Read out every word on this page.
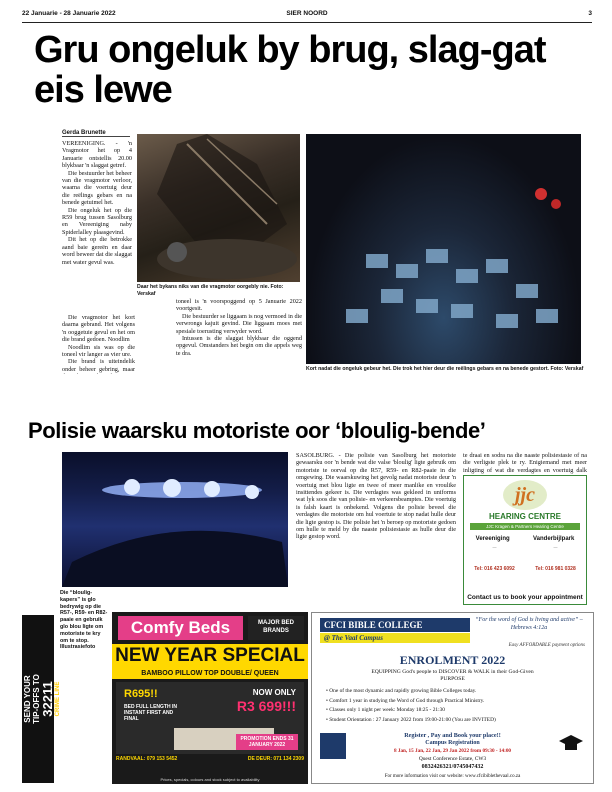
22 Januarie - 28 Januarie 2022	SIER NOORD	3
Gru ongeluk by brug, slag-gat eis lewe
Gerda Brunette

VEREENIGING. - 'n Vragmotor het op 4 Januarie ontstellis 20.00 blykbaar 'n slaggat getref.

Die bestuurder het beheer van die vragmotor verloor, waarna die voertuig deur die reëlings gebars en na benede getuimel het.

Die ongeluk het op die R59 brug tussen Sasolburg en Vereeniging naby Spiderlalley plaasgevind.

Dit het op die betrokke aand baie gereën en daar word beweer dat die slaggat met water gevul was.

Die vragmotor het kort daarna gebrand. Het volgens 'n ooggetuie gevul en het om die brand gedoen. Noodlim

Noodlim sis was op die toneel vir langer as vier ure.

Die brand is uiteindelik onder beheer gebring, maar

Daar het bykans niks van die vragmotor oorgebly nie. Foto: Verskaf

toneel is 'n voorspoggend op 5 Januarie 2022 voortgesit.

Die bestuurder se liggaam is nog vermoed in die verwrongs kajuit gevind. Die liggaam moes met spesiale toerusting verwyder word.

Intussen is die slaggat blykbaar die oggend opgevul. Omstanders het begin om die appels weg te dra.

Kort nadat die ongeluk gebeur het. Die trok het hier deur die reëlings gebars en na benede gestort. Foto: Verskaf
Polisie waarsku motoriste oor ‘bloulig-bende’
Die “bloulig-kapers” is glo bedrywig op die R57-, R59- en R82-paaie en gebruik glo blou ligte om motoriste te kry om te stop. Illustrasiefoto

SASOLBURG. - Die polisie van Sasolburg het motoriste gewaarsku oor 'n bende wat die valse 'bloulig' ligte gebruik om motoriste te oorval op die R57, R59- en R82-paaie in die omgewing. Die waarskuwing het gevolg nadat motoriste deur 'n voertuig met blou ligte en twee of meer manlike en vroulike insittendes gekeer is. Die verdagtes was gekleed in uniforms wat lyk soos die van polisie- en verkeersbeamptes. Die voertuig is falsh kaart is onbekend. Volgens die polisie beveel die verdagtes die motoriste om hul voertuie te stop nadat hulle deur die ligte gestop is. Die polisie het 'n beroep op motoriste gedoen om hulle te meld by die naaste polisiestasie as hulle deur die ligte gestop word.

te draai en sodra na die naaste polisiestasie of na die verligste plek te ry. Enigiemand met meer inligting of wat die verdagtes en voertuig dalk

jjc
HEARING CENTRE
JJC Kragen & Partners Hearing Centre
Vereeniging	Vanderbijlpark
—	—
Tel: 016 423 6092	Tel: 016 981 0328
Contact us to book your appointment
STOP CRIME SEND YOUR TIP-OFFS TO 32211 CRIME LINE
Comfy Beds	MAJOR BED BRANDS
NEW YEAR SPECIAL
BAMBOO PILLOW TOP DOUBLE/ QUEEN
R695!!
BED FULL LENGTH IN INSTANT FIRST AND FINAL
NOW ONLY
R3 699!!!
PROMOTION ENDS 31 JANUARY 2022
RANDVAAL: 079 153 5452	DE DEUR: 071 134 2309
Prices, specials, colours and stock subject to availability
CFCI BIBLE COLLEGE
@ The Vaal Campus
“For the word of God is living and active” – Hebrews 4:12a
Easy AFFORDABLE payment options
ENROLMENT 2022
EQUIPPING God's people to DISCOVER & WALK in their God-Given PURPOSE
• One of the most dynamic and rapidly growing Bible Colleges today.
• Comfort 1 year in studying the Word of God through Practical Ministry.
• Classes only 1 night per week: Monday 18:25 - 21:30
• Student Orientation : 27 January 2022 from 19:00-21:00 (You are INVITED)
Register , Pay and Book your place!!
Campus Registration
8 Jan, 15 Jan, 22 Jan, 29 Jan 2022 from 09:30 - 14:00
Quest Conference Estate, CW3
0832426321/0745047432
For more information visit our website: www.cfcibiblethevaal.co.za
